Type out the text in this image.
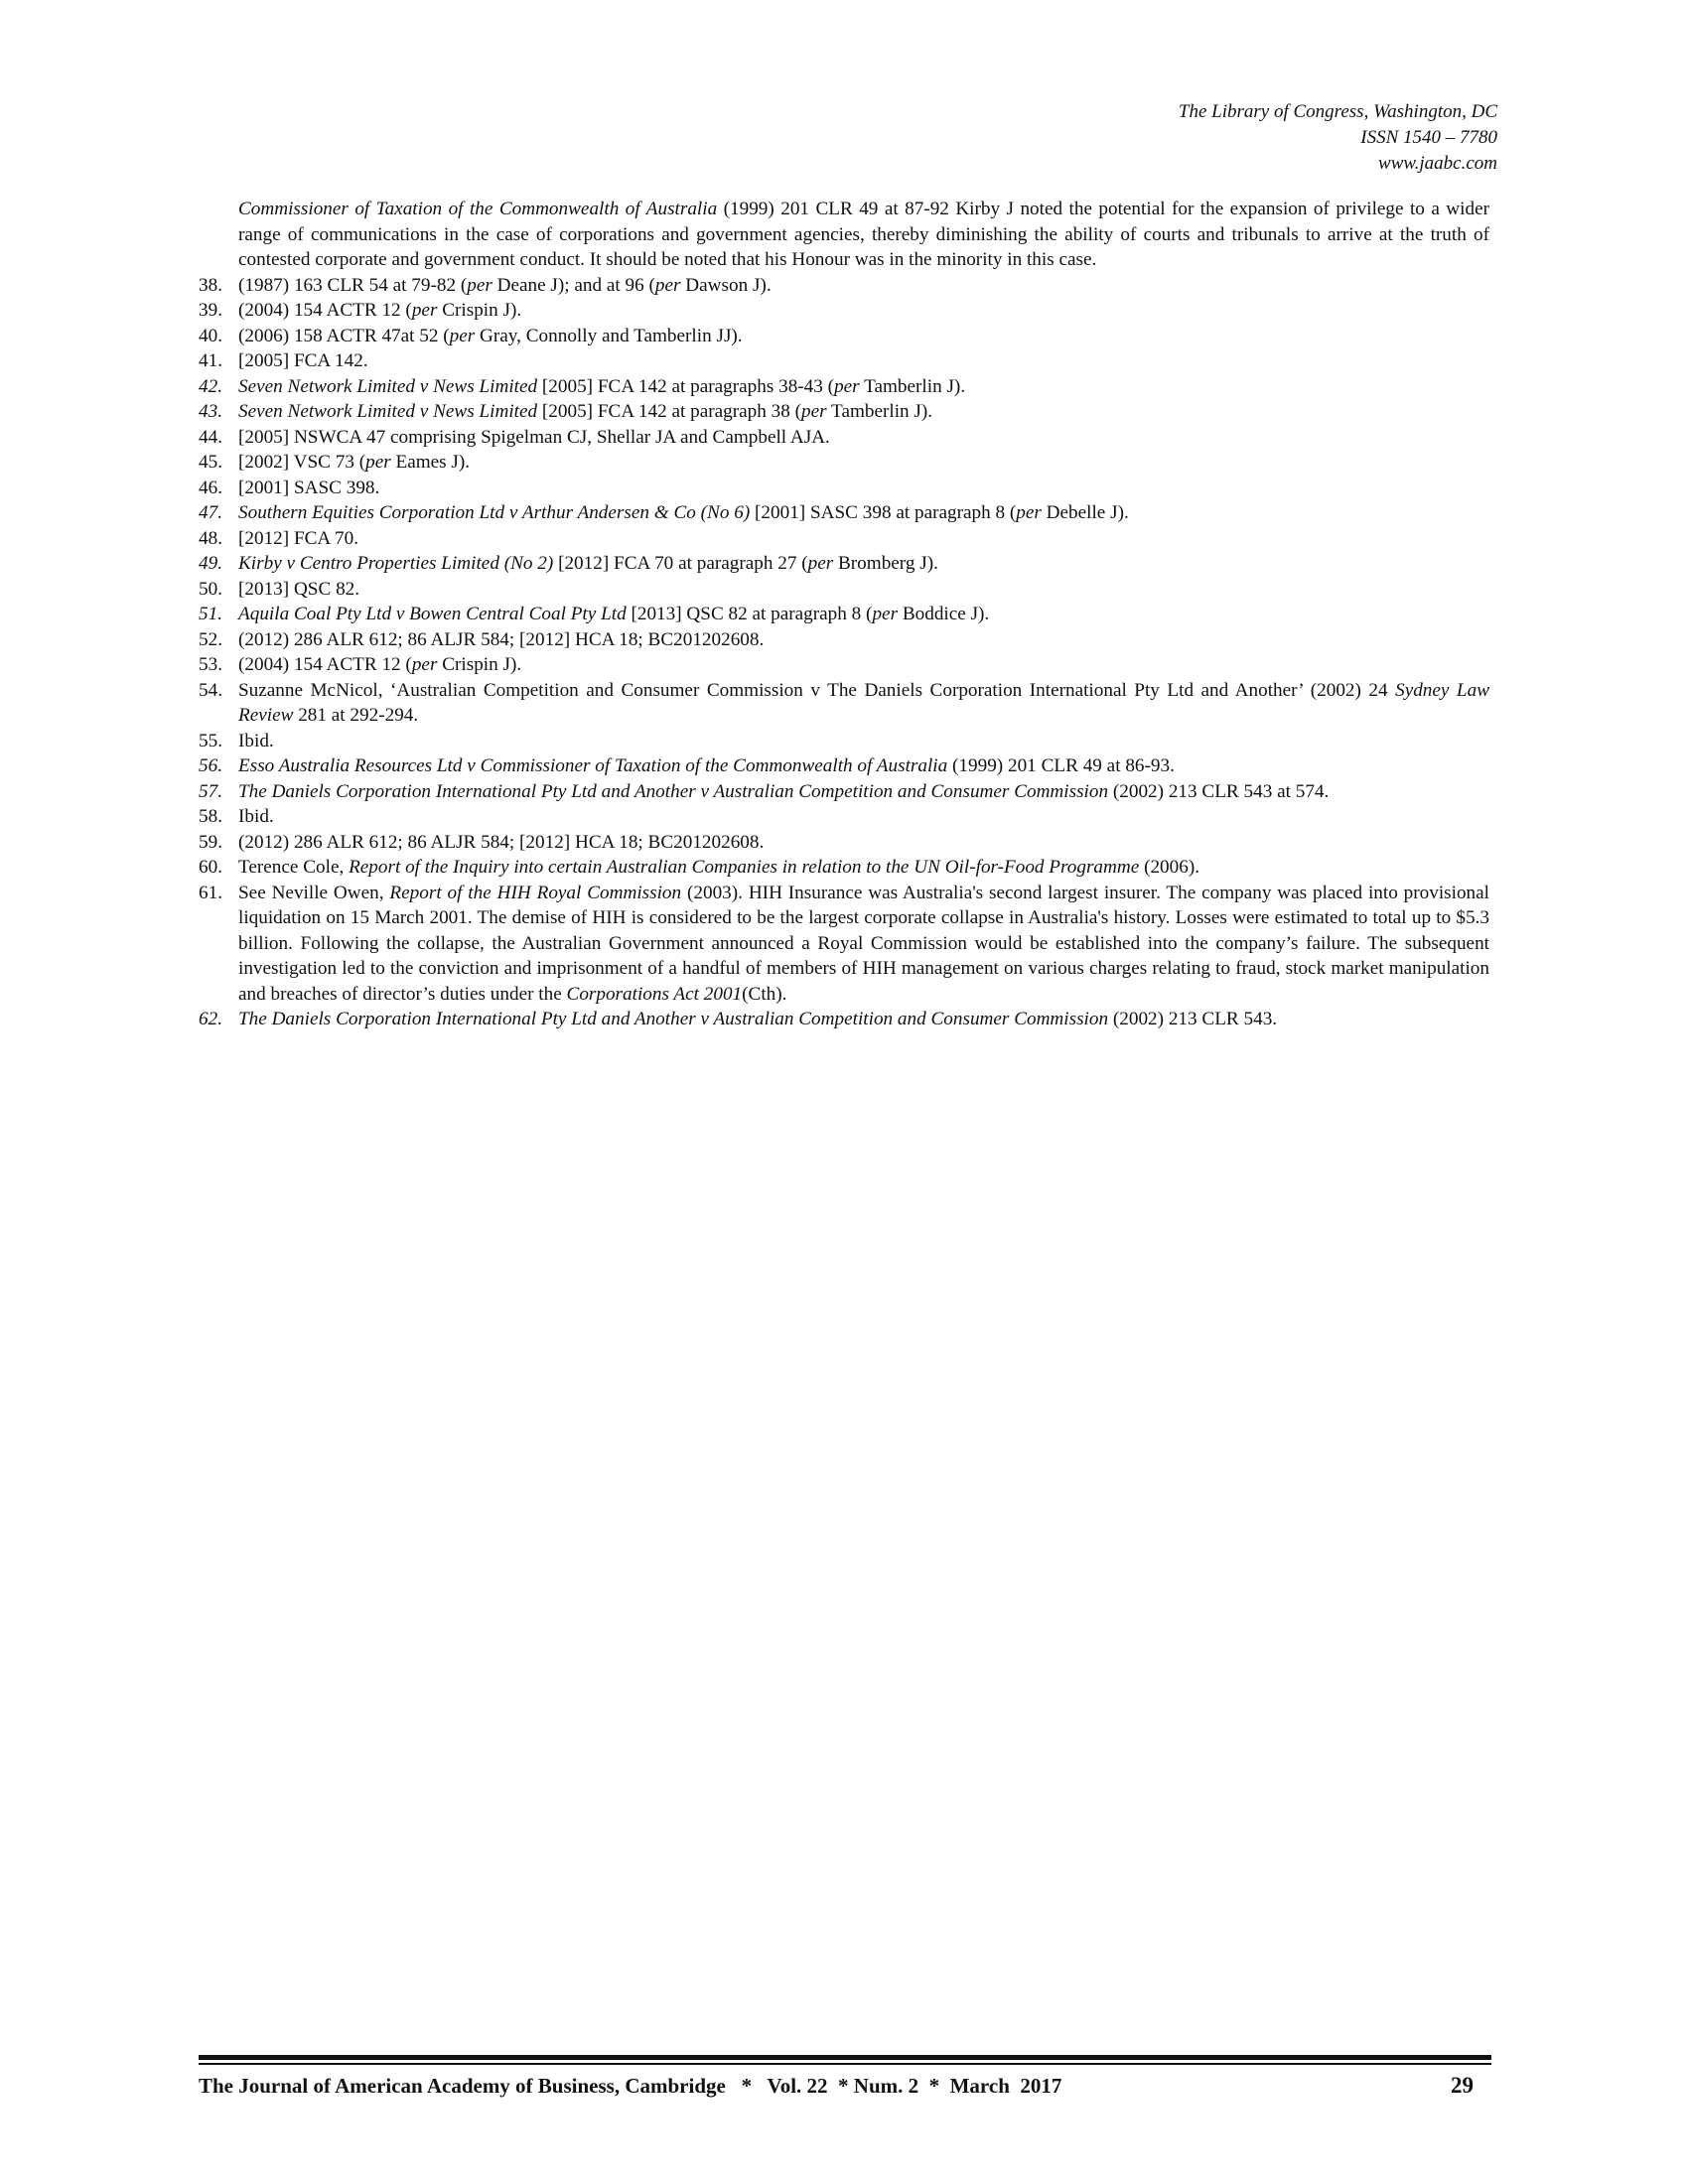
The Library of Congress, Washington, DC
ISSN 1540 – 7780
www.jaabc.com
Commissioner of Taxation of the Commonwealth of Australia (1999) 201 CLR 49 at 87-92 Kirby J noted the potential for the expansion of privilege to a wider range of communications in the case of corporations and government agencies, thereby diminishing the ability of courts and tribunals to arrive at the truth of contested corporate and government conduct. It should be noted that his Honour was in the minority in this case.
38. (1987) 163 CLR 54 at 79-82 (per Deane J); and at 96 (per Dawson J).
39. (2004) 154 ACTR 12 (per Crispin J).
40. (2006) 158 ACTR 47at 52 (per Gray, Connolly and Tamberlin JJ).
41. [2005] FCA 142.
42. Seven Network Limited v News Limited [2005] FCA 142 at paragraphs 38-43 (per Tamberlin J).
43. Seven Network Limited v News Limited [2005] FCA 142 at paragraph 38 (per Tamberlin J).
44. [2005] NSWCA 47 comprising Spigelman CJ, Shellar JA and Campbell AJA.
45. [2002] VSC 73 (per Eames J).
46. [2001] SASC 398.
47. Southern Equities Corporation Ltd v Arthur Andersen & Co (No 6) [2001] SASC 398 at paragraph 8 (per Debelle J).
48. [2012] FCA 70.
49. Kirby v Centro Properties Limited (No 2) [2012] FCA 70 at paragraph 27 (per Bromberg J).
50. [2013] QSC 82.
51. Aquila Coal Pty Ltd v Bowen Central Coal Pty Ltd [2013] QSC 82 at paragraph 8 (per Boddice J).
52. (2012) 286 ALR 612; 86 ALJR 584; [2012] HCA 18; BC201202608.
53. (2004) 154 ACTR 12 (per Crispin J).
54. Suzanne McNicol, ‘Australian Competition and Consumer Commission v The Daniels Corporation International Pty Ltd and Another’ (2002) 24 Sydney Law Review 281 at 292-294.
55. Ibid.
56. Esso Australia Resources Ltd v Commissioner of Taxation of the Commonwealth of Australia (1999) 201 CLR 49 at 86-93.
57. The Daniels Corporation International Pty Ltd and Another v Australian Competition and Consumer Commission (2002) 213 CLR 543 at 574.
58. Ibid.
59. (2012) 286 ALR 612; 86 ALJR 584; [2012] HCA 18; BC201202608.
60. Terence Cole, Report of the Inquiry into certain Australian Companies in relation to the UN Oil-for-Food Programme (2006).
61. See Neville Owen, Report of the HIH Royal Commission (2003). HIH Insurance was Australia's second largest insurer. The company was placed into provisional liquidation on 15 March 2001. The demise of HIH is considered to be the largest corporate collapse in Australia's history. Losses were estimated to total up to $5.3 billion. Following the collapse, the Australian Government announced a Royal Commission would be established into the company’s failure. The subsequent investigation led to the conviction and imprisonment of a handful of members of HIH management on various charges relating to fraud, stock market manipulation and breaches of director’s duties under the Corporations Act 2001(Cth).
62. The Daniels Corporation International Pty Ltd and Another v Australian Competition and Consumer Commission (2002) 213 CLR 543.
The Journal of American Academy of Business, Cambridge   *   Vol. 22  * Num. 2  *  March  2017	29
